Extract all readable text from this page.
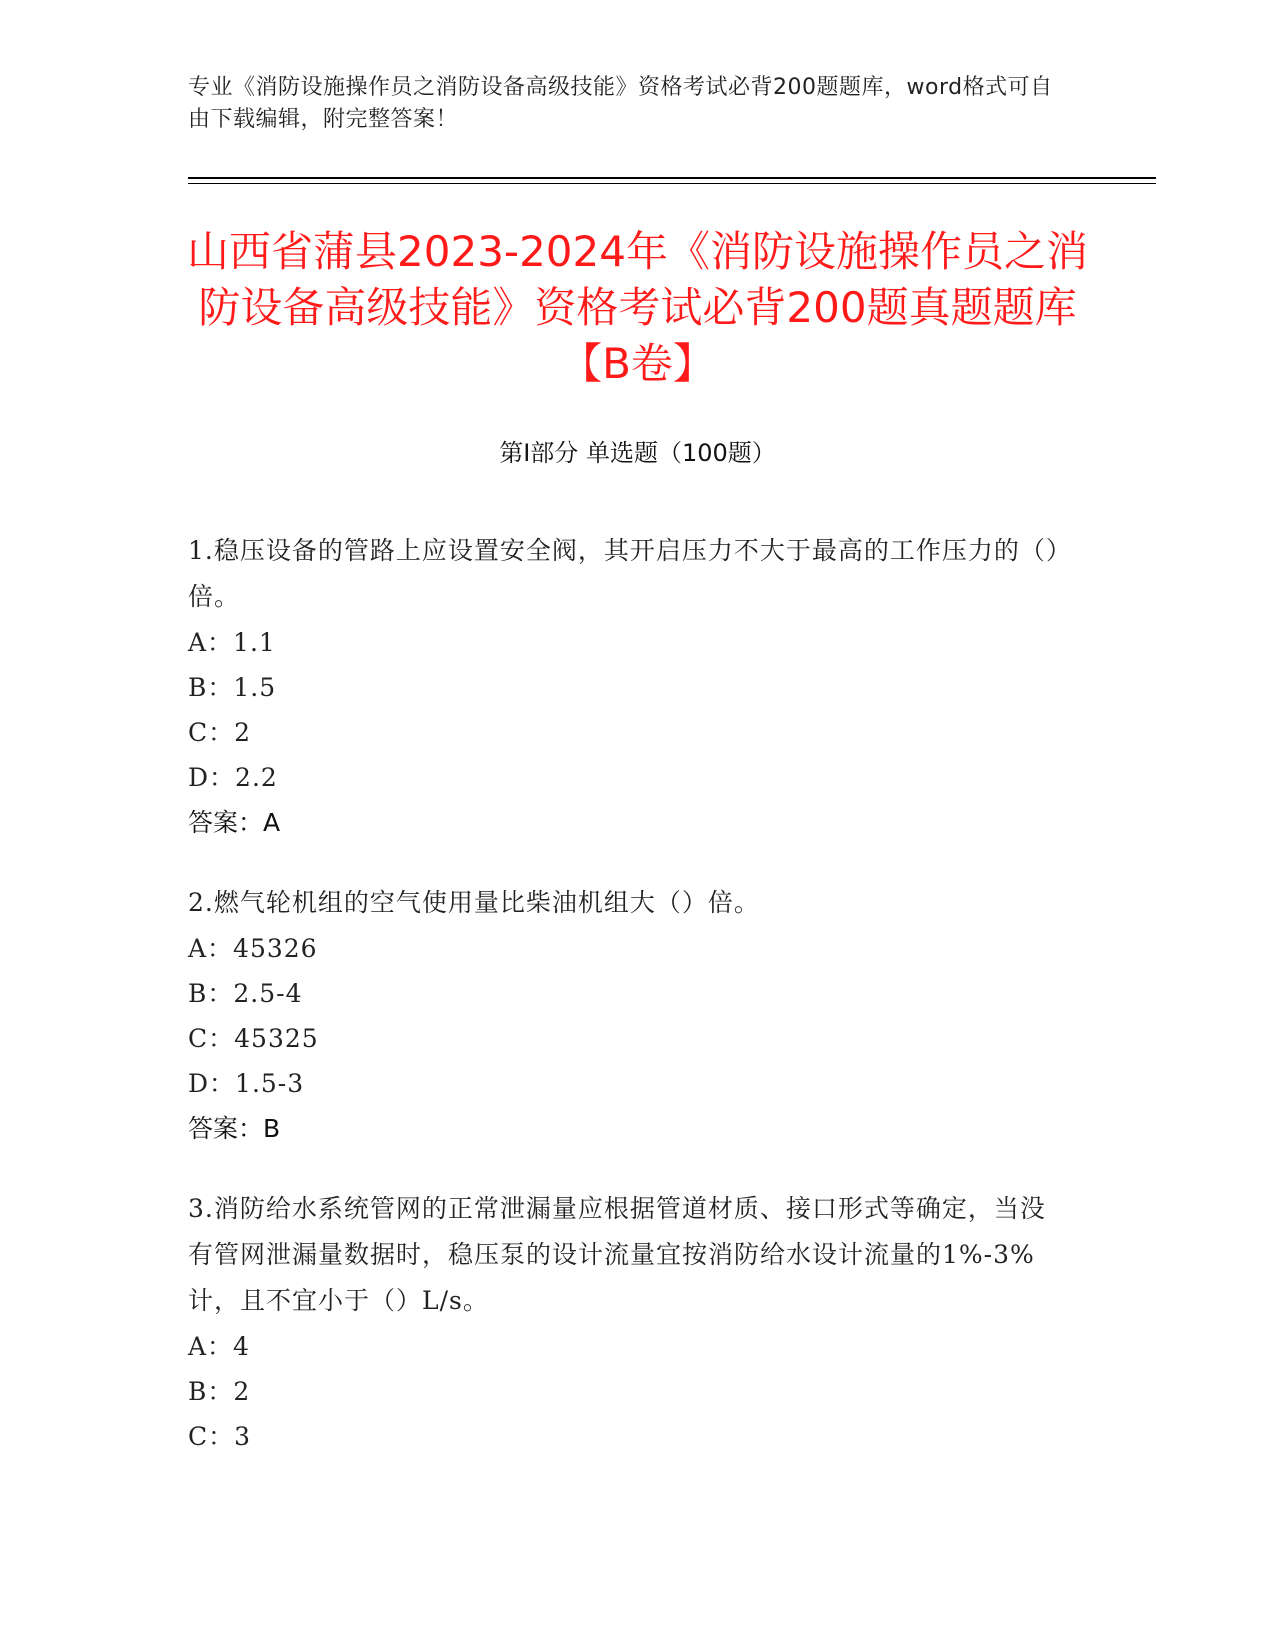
专业《消防设施操作员之消防设备高级技能》资格考试必背200题题库，word格式可自由下载编辑，附完整答案！
山西省蒲县2023-2024年《消防设施操作员之消防设备高级技能》资格考试必背200题真题题库【B卷】
第Ⅰ部分 单选题（100题）
1.稳压设备的管路上应设置安全阀，其开启压力不大于最高的工作压力的（）倍。
A：1.1
B：1.5
C：2
D：2.2
答案：A
2.燃气轮机组的空气使用量比柴油机组大（）倍。
A：45326
B：2.5-4
C：45325
D：1.5-3
答案：B
3.消防给水系统管网的正常泄漏量应根据管道材质、接口形式等确定，当没有管网泄漏量数据时，稳压泵的设计流量宜按消防给水设计流量的1%-3%计，且不宜小于（）L/s。
A：4
B：2
C：3
